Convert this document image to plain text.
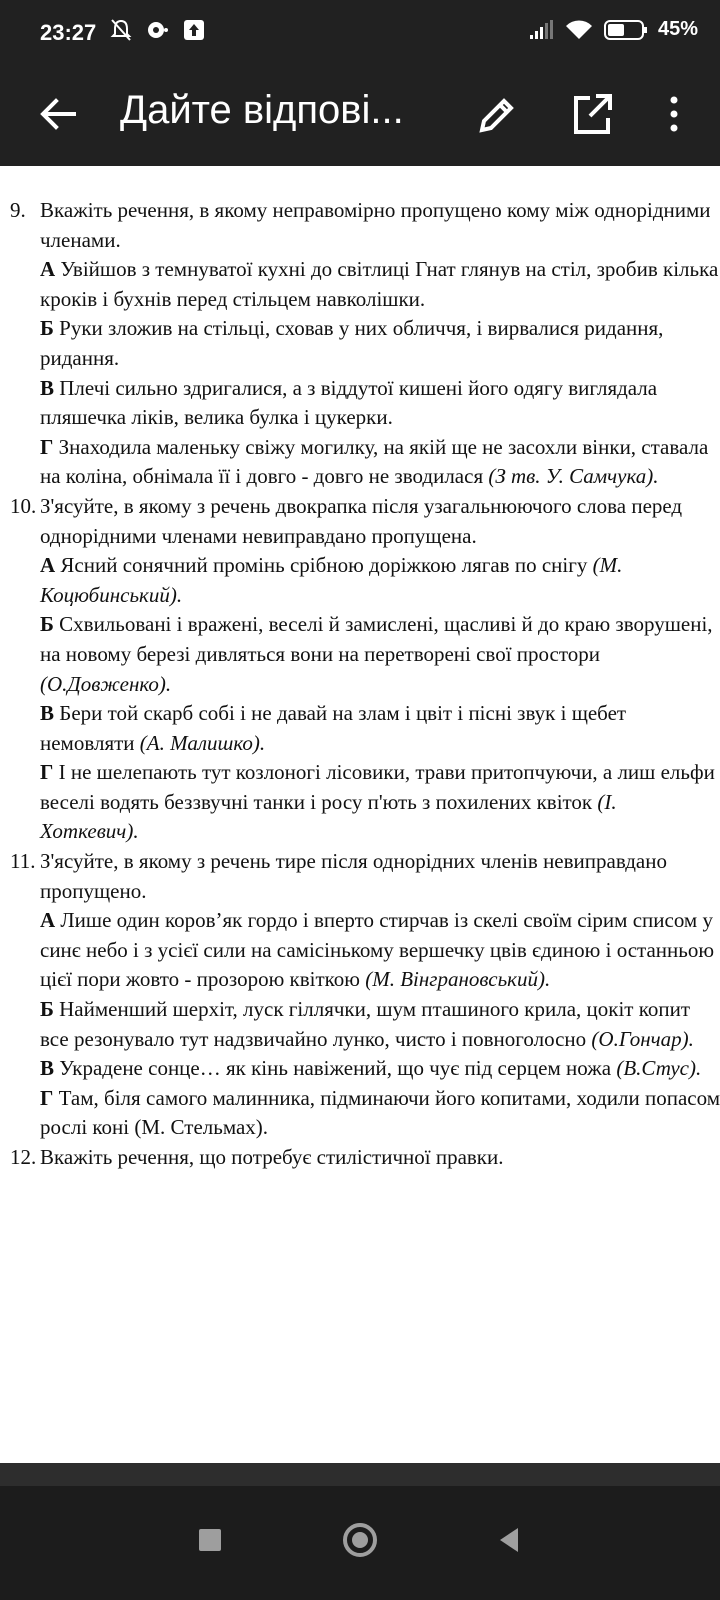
23:27	45%
Дайте відпові...
9. Вкажіть речення, в якому неправомірно пропущено кому між однорідними членами.
А Увійшов з темнуватої кухні до світлиці Гнат глянув на стіл, зробив кілька кроків і бухнів перед стільцем навколішки.
Б Руки зложив на стільці, сховав у них обличчя, і вирвалися ридання, ридання.
В Плечі сильно здригалися, а з віддутої кишені його одягу виглядала пляшечка ліків, велика булка і цукерки.
Г Знаходила маленьку свіжу могилку, на якій ще не засохли вінки, ставала на коліна, обнімала її і довго - довго не зводилася (З тв. У. Самчука).
10. З'ясуйте, в якому з речень двокрапка після узагальнюючого слова перед однорідними членами невиправдано пропущена.
А Ясний сонячний промінь срібною доріжкою лягав по снігу (М. Коцюбинський).
Б Схвильовані і вражені, веселі й замислені, щасливі й до краю зворушені, на новому березі дивляться вони на перетворені свої простори (О.Довженко).
В Бери той скарб собі і не давай на злам і цвіт і пісні звук і щебет немовляти (А. Малишко).
Г І не шелепають тут козлоногі лісовики, трави притопчуючи, а лиш ельфи веселі водять беззвучні танки і росу п'ють з похилених квіток (І. Хоткевич).
11. З'ясуйте, в якому з речень тире після однорідних членів невиправдано пропущено.
А Лише один коров’як гордо і вперто стирчав із скелі своїм сірим списом у синє небо і з усієї сили на самісінькому вершечку цвів єдиною і останньою цієї пори жовто - прозорою квіткою (М. Вінграновський).
Б Найменший шерхіт, луск гіллячки, шум пташиного крила, цокіт копит все резонувало тут надзвичайно лунко, чисто і повноголосно (О.Гончар).
В Украдене сонце… як кінь навіжений, що чує під серцем ножа (В.Стус).
Г Там, біля самого малинника, підминаючи його копитами, ходили попасом рослі коні (М. Стельмах).
12. Вкажіть речення, що потребує стилістичної правки.
